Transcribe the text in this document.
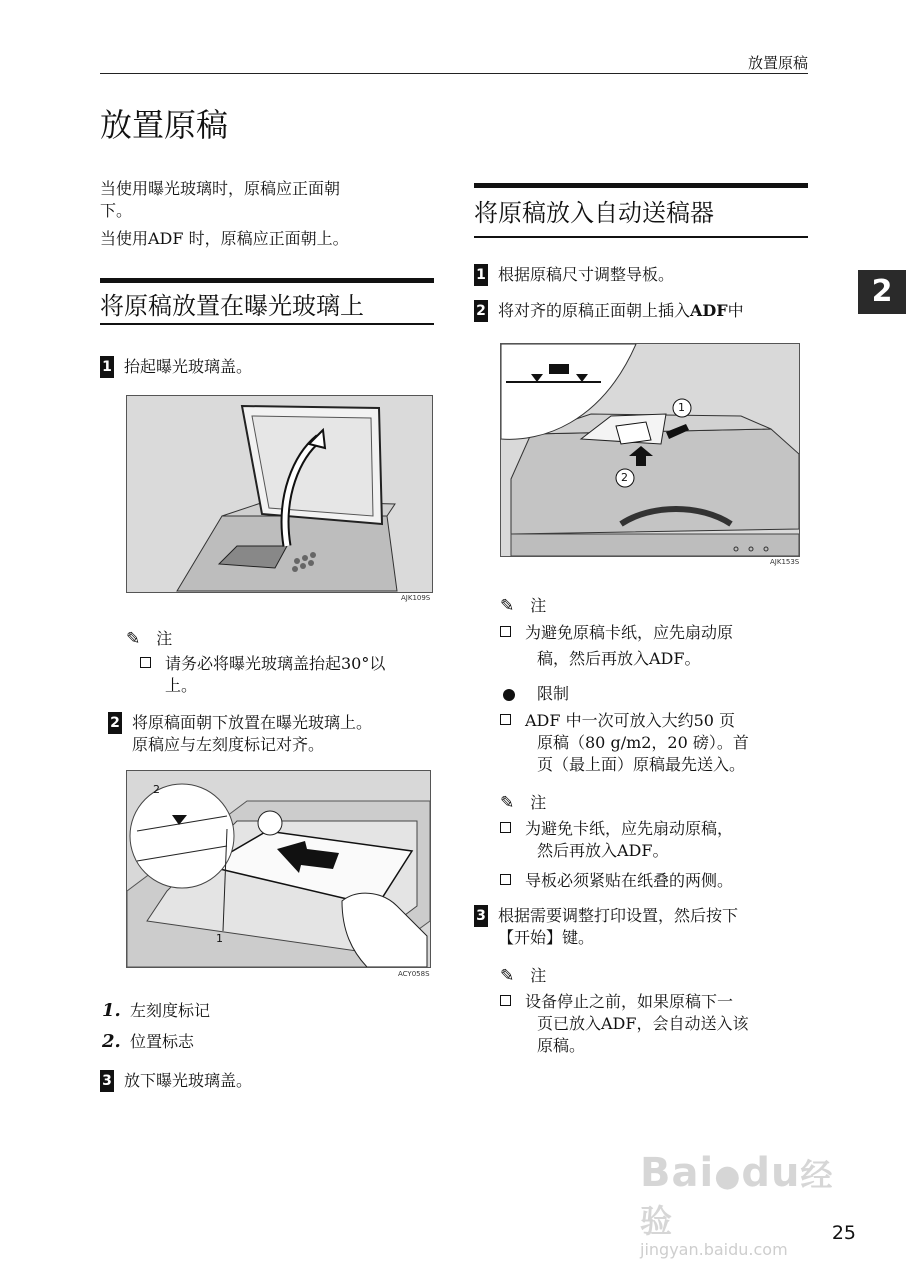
放置原稿
放置原稿
当使用曝光玻璃时，原稿应正面朝
下。
当使用ADF 时，原稿应正面朝上。
将原稿放置在曝光玻璃上
1 抬起曝光玻璃盖。
AJK109S
✎ 注
请务必将曝光玻璃盖抬起30°以
上。
2 将原稿面朝下放置在曝光玻璃上。
原稿应与左刻度标记对齐。
2
1
ACY058S
1. 左刻度标记
2. 位置标志
3 放下曝光玻璃盖。
将原稿放入自动送稿器
1 根据原稿尺寸调整导板。
2 将对齐的原稿正面朝上插入ADF中
1
2
AJK153S
✎ 注
为避免原稿卡纸，应先扇动原
稿，然后再放入ADF。
限制
ADF 中一次可放入大约50 页
原稿（80 g/m2，20 磅）。首
页（最上面）原稿最先送入。
✎ 注
为避免卡纸，应先扇动原稿，
然后再放入ADF。
导板必须紧贴在纸叠的两侧。
3 根据需要调整打印设置，然后按下
【开始】键。
✎ 注
设备停止之前，如果原稿下一
页已放入ADF，会自动送入该
原稿。
2
Bai●du经验
jingyan.baidu.com
25
